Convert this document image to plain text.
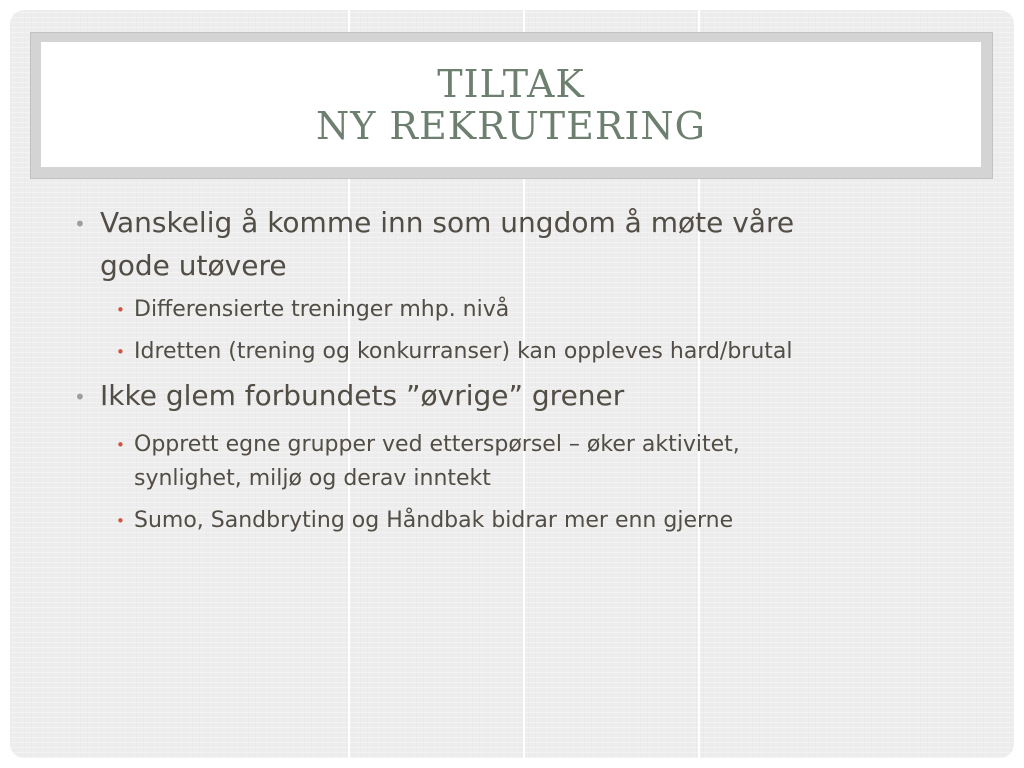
TILTAK
NY REKRUTERING
• Vanskelig å komme inn som ungdom å møte våre
gode utøvere
• Differensierte treninger mhp. nivå
• Idretten (trening og konkurranser) kan oppleves hard/brutal
• Ikke glem forbundets ”øvrige” grener
• Opprett egne grupper ved etterspørsel – øker aktivitet,
synlighet, miljø og derav inntekt
• Sumo, Sandbryting og Håndbak bidrar mer enn gjerne
